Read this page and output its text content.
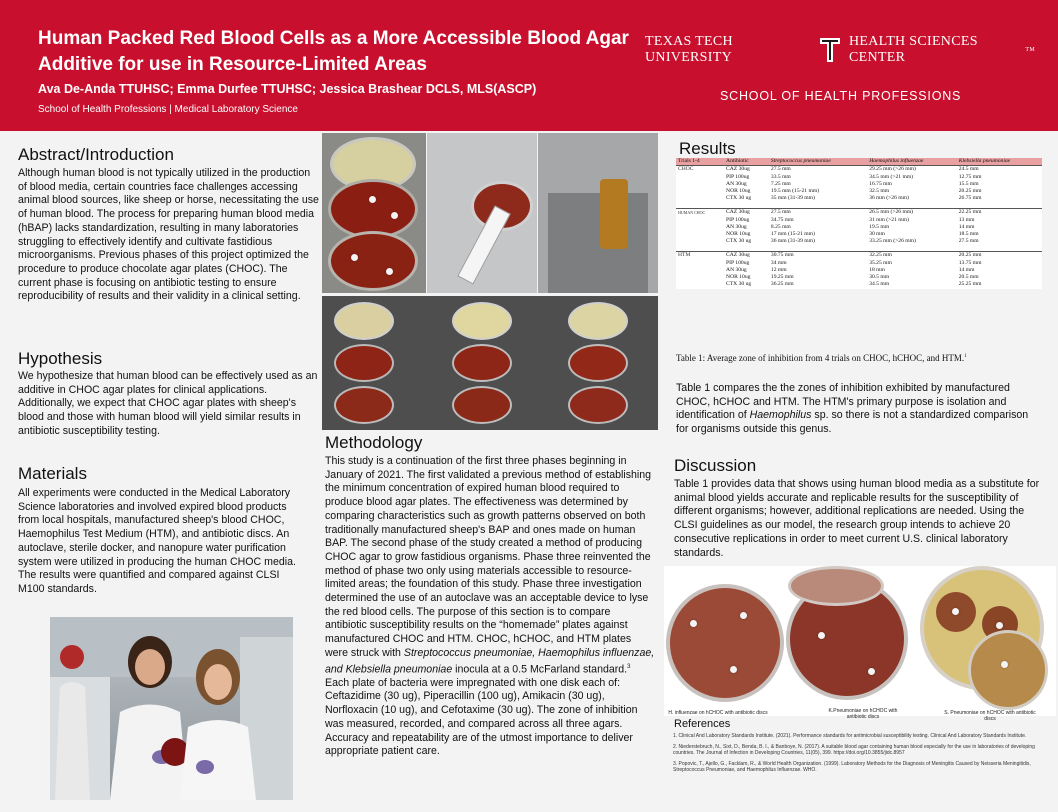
Human Packed Red Blood Cells as a More Accessible Blood Agar Additive for use in Resource-Limited Areas
Ava De-Anda TTUHSC; Emma Durfee TTUHSC; Jessica Brashear DCLS, MLS(ASCP)
School of Health Professions | Medical Laboratory Science
TEXAS TECH UNIVERSITY
HEALTH SCIENCES CENTER	TM
SCHOOL OF HEALTH PROFESSIONS
Abstract/Introduction
Although human blood is not typically utilized in the production of blood media, certain countries face challenges accessing animal blood sources, like sheep or horse, necessitating the use of human blood. The process for preparing human blood media (hBAP) lacks standardization, resulting in many laboratories struggling to effectively identify and cultivate fastidious microorganisms. Previous phases of this project optimized the procedure to produce chocolate agar plates (CHOC). The current phase is focusing on antibiotic testing to ensure reproducibility of results and their validity in a clinical setting.
Hypothesis
We hypothesize that human blood can be effectively used as an additive in CHOC agar plates for clinical applications. Additionally, we expect that CHOC agar plates with sheep's blood and those with human blood will yield similar results in antibiotic susceptibility testing.
Materials
All experiments were conducted in the Medical Laboratory Science laboratories and involved expired blood products from local hospitals, manufactured sheep's blood CHOC, Haemophilus Test Medium (HTM), and antibiotic discs. An autoclave, sterile docker, and nanopure water purification system were utilized in producing the human CHOC media. The results were quantified and compared against CLSI M100 standards.
Methodology
This study is a continuation of the first three phases beginning in January of 2021. The first validated a previous method of establishing the minimum concentration of expired human blood required to produce blood agar plates. The effectiveness was determined by comparing characteristics such as growth patterns observed on both traditionally manufactured sheep's BAP and ones made on human BAP. The second phase of the study created a method of producing CHOC agar to grow fastidious organisms. Phase three reinvented the method of phase two only using materials accessible to resource-limited areas; the foundation of this study. Phase three investigation determined the use of an autoclave was an acceptable device to lyse the red blood cells. The purpose of this section is to compare antibiotic susceptibility results on the “homemade” plates against manufactured CHOC and HTM. CHOC, hCHOC, and HTM plates were struck with Streptococcus pneumoniae, Haemophilus influenzae, and Klebsiella pneumoniae inocula at a 0.5 McFarland standard.$^3$ Each plate of bacteria were impregnated with one disk each of: Ceftazidime (30 ug), Piperacillin (100 ug), Amikacin (30 ug), Norfloxacin (10 ug), and Cefotaxime (30 ug). The zone of inhibition was measured, recorded, and compared across all three agars. Accuracy and repeatability are of the utmost importance to deliver appropriate patient care.
Results
Trials 1-4	Antibiotic	Streptococcus pneumoniae	Haemophilus influenzae	Klebsiella pneumoniae
CHOC	CAZ 30ug	27.5 mm	29.25 mm (>26 mm)	24.5 mm
	PIP 100ug	33.5 mm	34.5 mm (>21 mm)	12.75 mm
	AN 30ug	7.25 mm	16.75 mm	15.5 mm
	NOR 10ug	19.5 mm (15-21 mm)	32.5 mm	20.25 mm
	CTX 30 ug	35 mm (31-39 mm)	36 mm (>26 mm)	26.75 mm

HUMAN CHOC	CAZ 30ug	27.5 mm	26.5 mm (>26 mm)	22.25 mm
	PIP 100ug	34.75 mm	31 mm (>21 mm)	13 mm
	AN 30ug	8.25 mm	19.5 mm	14 mm
	NOR 10ug	17 mm (15-21 mm)	30 mm	18.5 mm
	CTX 30 ug	36 mm (31-39 mm)	33.25 mm (>26 mm)	27.5 mm

HTM	CAZ 30ug	30.75 mm	32.25 mm	20.25 mm
	PIP 100ug	34 mm	35.25 mm	13.75 mm
	AN 30ug	12 mm	18 mm	14 mm
	NOR 10ug	19.25 mm	30.5 mm	20.5 mm
	CTX 30 ug	36.25 mm	34.5 mm	25.25 mm
Table 1: Average zone of inhibition from 4 trials on CHOC, hCHOC, and HTM.$^1$
Table 1 compares the the zones of inhibition exhibited by manufactured CHOC, hCHOC and HTM. The HTM's primary purpose is isolation and identification of Haemophilus sp. so there is not a standardized comparison for organisms outside this genus.
Discussion
Table 1 provides data that shows using human blood media as a substitute for animal blood yields accurate and replicable results for the susceptibility of different organisms; however, additional replications are needed. Using the CLSI guidelines as our model, the research group intends to achieve 20 consecutive replications in order to meet current U.S. clinical laboratory standards.
H. influenzae on hCHOC with antibiotic discs	K.Pneumoniae on hCHOC with antibiotic discs
S. Pneumoniae on hCHOC with antibiotic discs
References
1. Clinical And Laboratory Standards Institute. (2021). Performance standards for antimicrobial susceptibility testing. Clinical And Laboratory Standards Institute.
2. Niederstebruch, N., Sixt, D., Benda, B. I., & Banboye, N. (2017). A suitable blood agar containing human blood especially for the use in laboratories of developing countries. The Journal of Infection in Developing Countries, 11(05), 399. https://doi.org/10.3855/jidc.8957
3. Popovic, T., Ajello, G., Facklam, R., & World Health Organization. (1999). Laboratory Methods for the Diagnosis of Meningitis Caused by Neisseria Meningitidis, Streptococcus Pneumoniae, and Haemophilus Influenzae. WHO.
